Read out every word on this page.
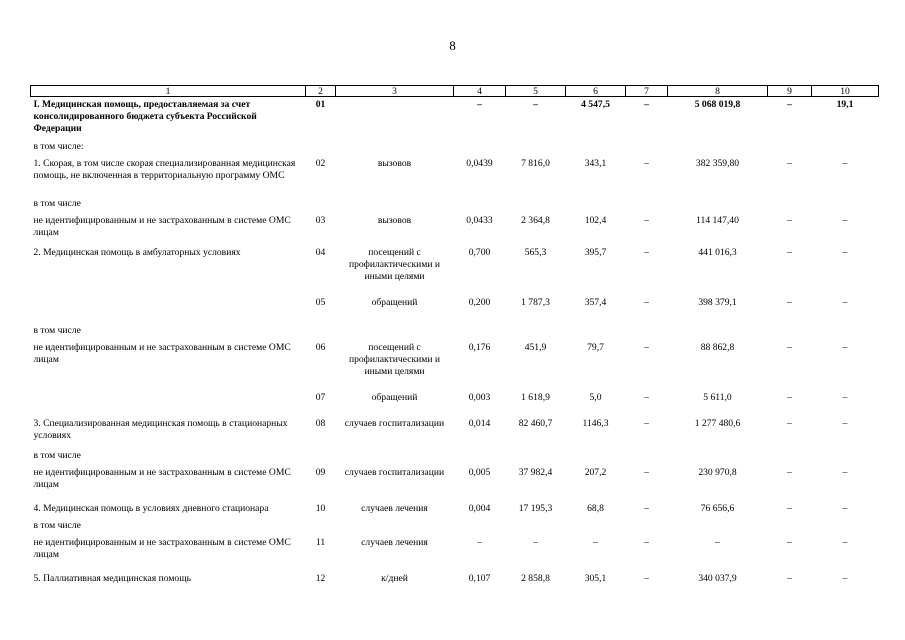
8
1	2	3	4	5	6	7	8	9	10
I. Медицинская помощь, предоставляемая за счет консолидированного бюджета субъекта Российской Федерации	01		–	–	4 547,5	–	5 068 019,8	–	19,1
в том числе:									
1. Скорая, в том числе скорая специализированная медицинская помощь, не включенная в территориальную программу ОМС	02	вызовов	0,0439	7 816,0	343,1	–	382 359,80	–	–
в том числе									
не идентифицированным и не застрахованным в системе ОМС лицам	03	вызовов	0,0433	2 364,8	102,4	–	114 147,40	–	–
2. Медицинская помощь в амбулаторных условиях	04	посещений с профилактическими и иными целями	0,700	565,3	395,7	–	441 016,3	–	–
	05	обращений	0,200	1 787,3	357,4	–	398 379,1	–	–
в том числе									
не идентифицированным и не застрахованным в системе ОМС лицам	06	посещений с профилактическими и иными целями	0,176	451,9	79,7	–	88 862,8	–	–
	07	обращений	0,003	1 618,9	5,0	–	5 611,0	–	–
3. Специализированная медицинская помощь в стационарных условиях	08	случаев госпитализации	0,014	82 460,7	1146,3	–	1 277 480,6	–	–
в том числе									
не идентифицированным и не застрахованным в системе ОМС лицам	09	случаев госпитализации	0,005	37 982,4	207,2	–	230 970,8	–	–
4. Медицинская помощь в условиях дневного стационара	10	случаев лечения	0,004	17 195,3	68,8	–	76 656,6	–	–
в том числе									
не идентифицированным и не застрахованным в системе ОМС лицам	11	случаев лечения	–	–	–	–	–	–	–
5. Паллиативная медицинская помощь	12	к/дней	0,107	2 858,8	305,1	–	340 037,9	–	–
